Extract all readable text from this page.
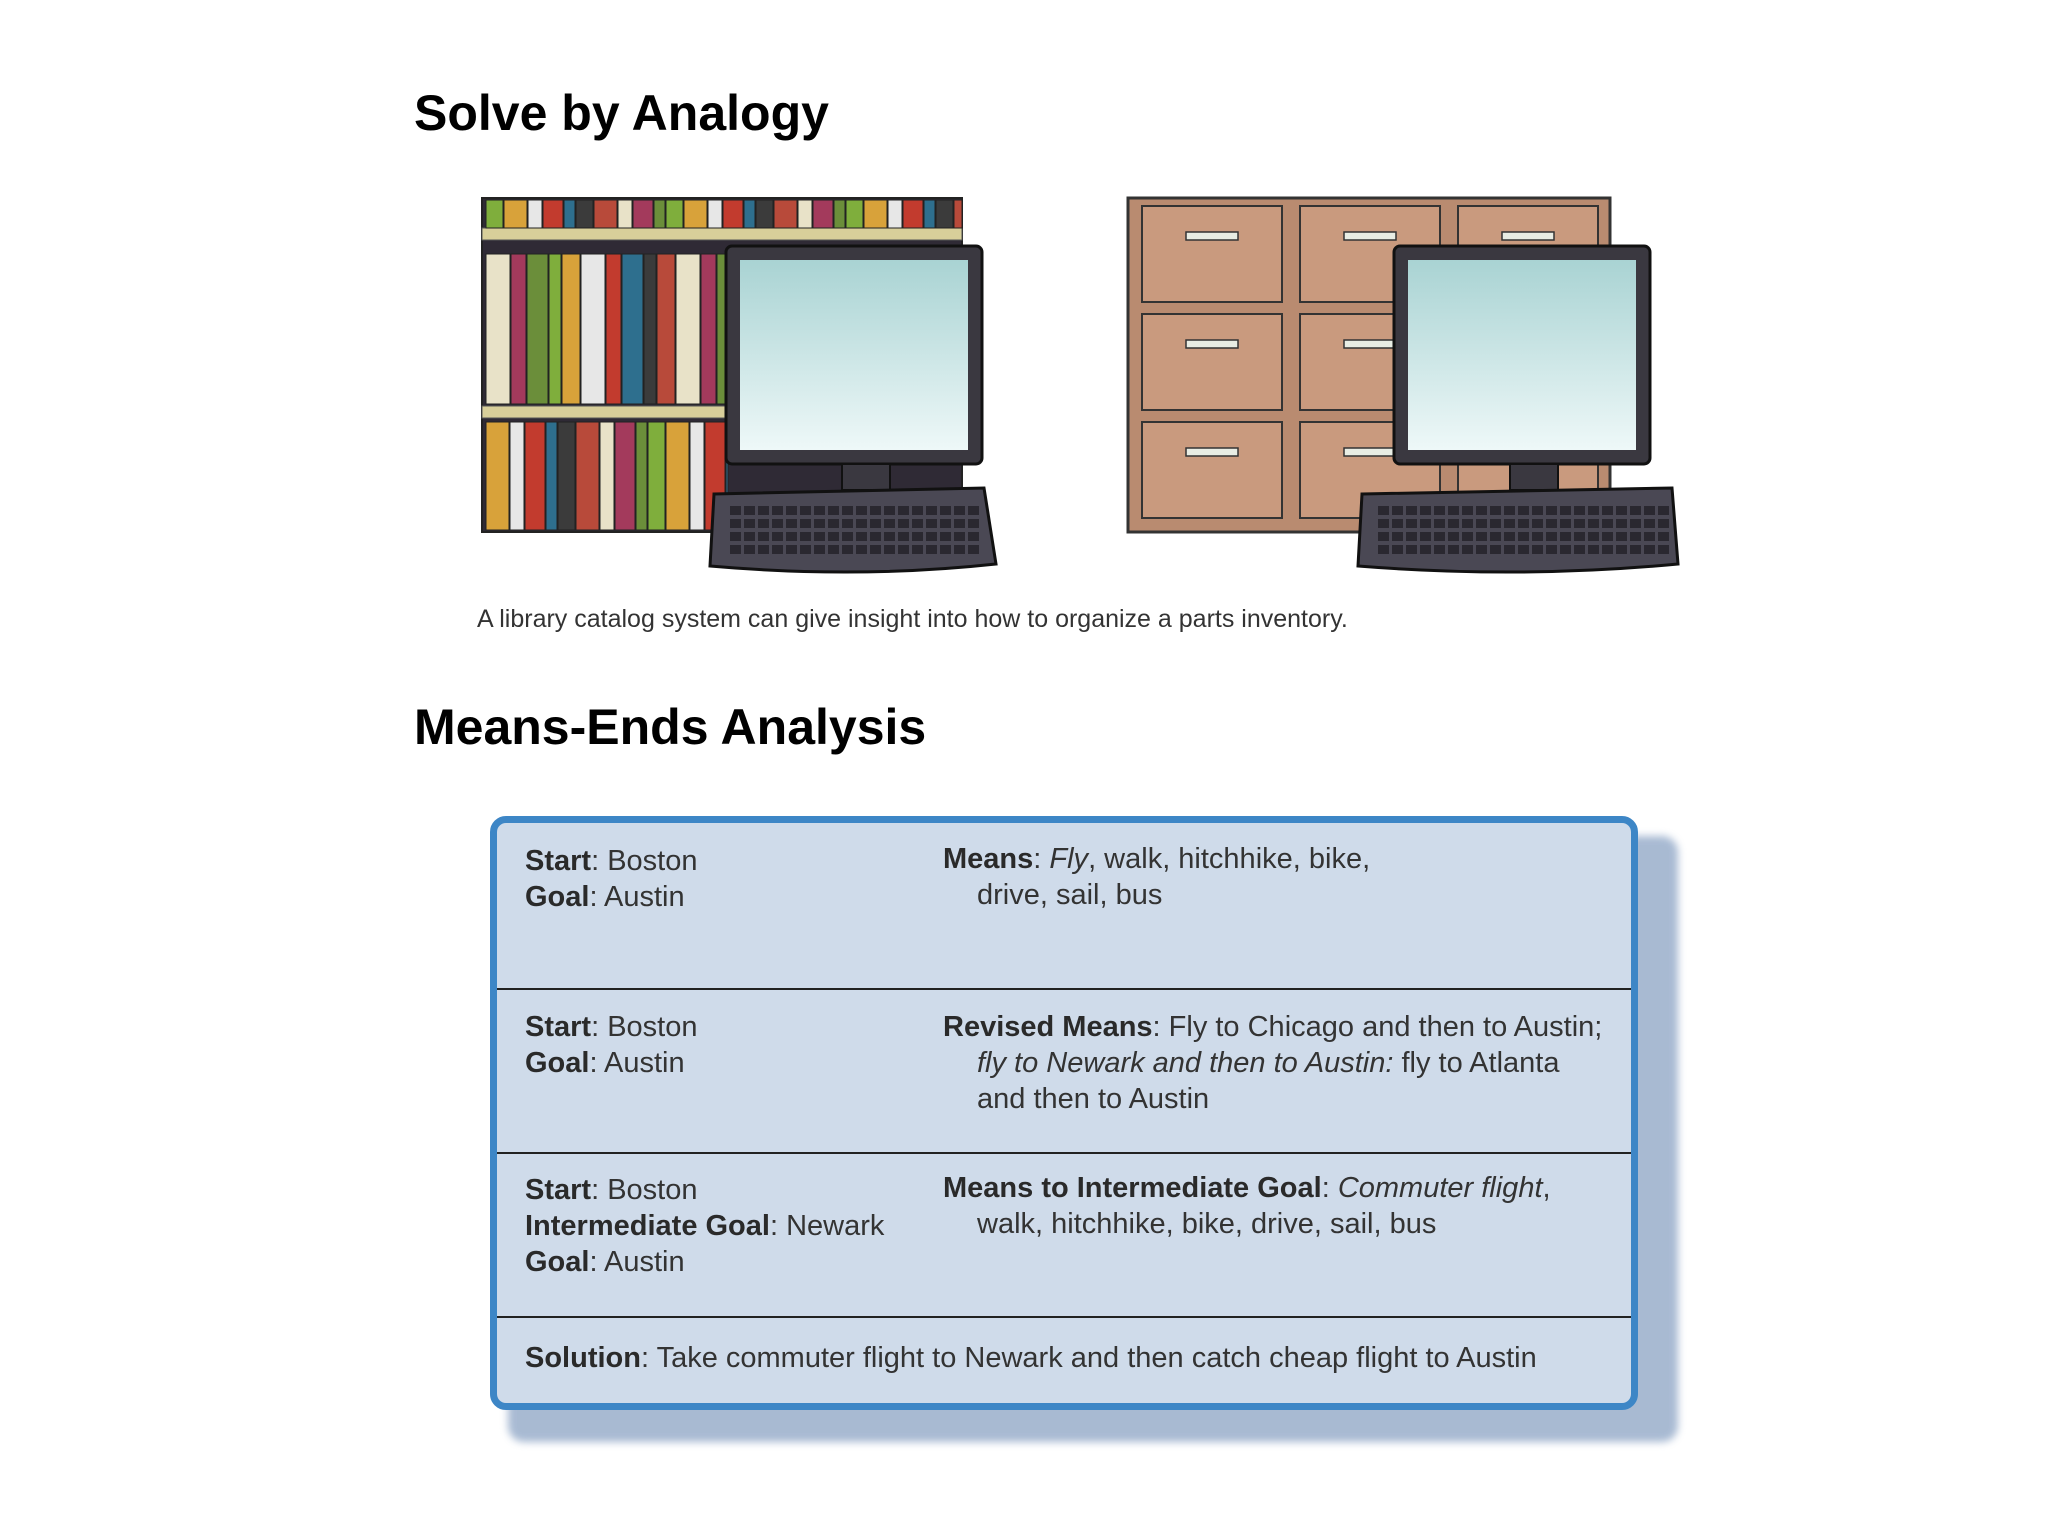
Solve by Analogy
A library catalog system can give insight into how to organize a parts inventory.
Means-Ends Analysis
Start: Boston
Goal: Austin
Means: Fly, walk, hitchhike, bike,
drive, sail, bus
Start: Boston
Goal: Austin
Revised Means: Fly to Chicago and then to Austin;
fly to Newark and then to Austin: fly to Atlanta
and then to Austin
Start: Boston
Intermediate Goal: Newark
Goal: Austin
Means to Intermediate Goal: Commuter flight,
walk, hitchhike, bike, drive, sail, bus
Solution: Take commuter flight to Newark and then catch cheap flight to Austin
